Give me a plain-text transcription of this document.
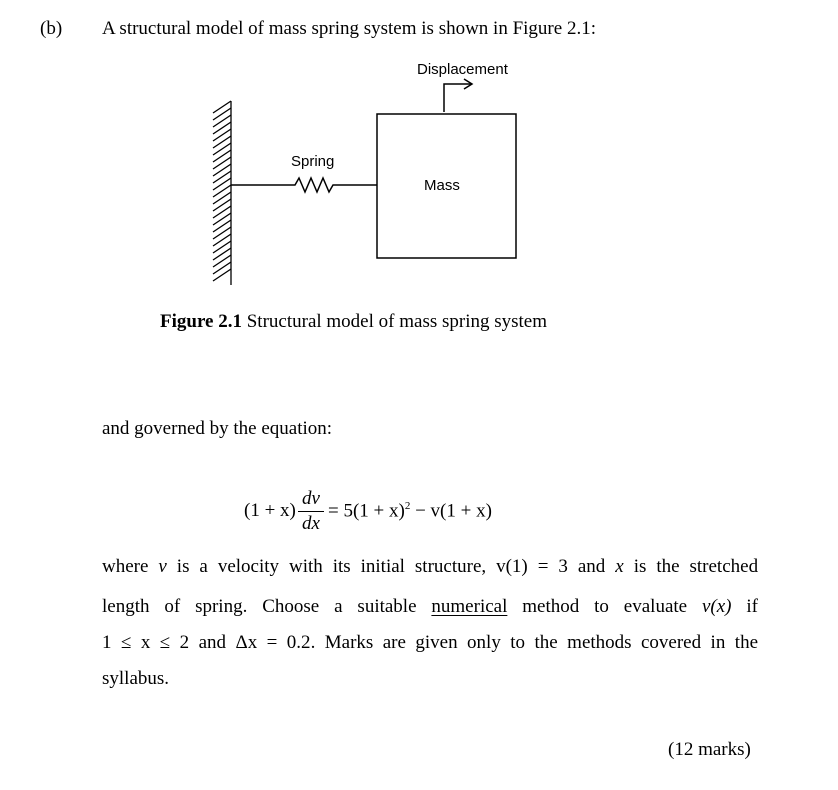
(b) A structural model of mass spring system is shown in Figure 2.1:
Displacement
Spring
Mass
Figure 2.1 Structural model of mass spring system
and governed by the equation:
(1 + x)
dv
dx
= $5(1 + x)^2 - v(1 + x)$
where v is a velocity with its initial structure, v(1) = 3 and x is the stretched
length of spring. Choose a suitable numerical method to evaluate v(x) if
1 ≤ x ≤ 2 and Δx = 0.2. Marks are given only to the methods covered in the
syllabus.
(12 marks)
